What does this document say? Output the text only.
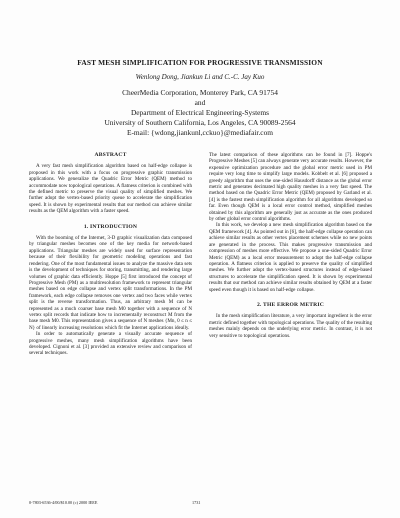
FAST MESH SIMPLIFICATION FOR PROGRESSIVE TRANSMISSION
Wenlong Dong, Jiankun Li and C.-C. Jay Kuo
CheerMedia Corporation, Monterey Park, CA 91754
and
Department of Electrical Engineering-Systems
University of Southern California, Los Angeles, CA 90089-2564
E-mail: {wdong,jiankunl,cckuo}@mediafair.com
ABSTRACT

A very fast mesh simplification algorithm based on half-edge collapse is proposed in this work with a focus on progressive graphic transmission applications. We generalize the Quadric Error Metric (QEM) method to accommodate now topological operations. A flatness criterion is combined with the defined metric to preserve the visual quality of simplified meshes. We further adopt the vertex-based priority queue to accelerate the simplification speed. It is shown by experimental results that our method can achieve similar results as the QEM algorithm with a faster speed.

1. INTRODUCTION

With the booming of the Internet, 3-D graphic visualization data composed by triangular meshes becomes one of the key media for network-based applications. Triangular meshes are widely used for surface representation because of their flexibility for geometric modeling operations and fast rendering. One of the most fundamental issues to analyze the massive data sets is the development of techniques for storing, transmitting, and rendering large volumes of graphic data efficiently. Hoppe [5] first introduced the concept of Progressive Mesh (PM) as a multiresolution framework to represent triangular meshes based on edge collapse and vertex split transformations. In the PM framework, each edge collapse removes one vertex and two faces while vertex split is the reverse transformation. Thus, an arbitrary mesh M can be represented as a much coarser base mesh M0 together with a sequence of N vertex split records that indicate how to incrementally reconstruct M from the base mesh M0. This representation gives a sequence of N meshes {Mn, 0 ≤ n ≤ N} of linearly increasing resolutions which fit the Internet applications ideally.

In order to automatically generate a visually accurate sequence of progressive meshes, many mesh simplification algorithms have been developed. Cignoni et al. [3] provided an extensive review and comparison of several techniques.

The latest comparison of these algorithms can be found in [7]. Hoppe's Progressive Meshes [5] can always generate very accurate results. However, the expensive optimization procedure and the global error metric used in PM require very long time to simplify large models. Kobbelt et al. [6] proposed a greedy algorithm that uses the one-sided Hausdorff distance as the global error metric and generates decimated high quality meshes in a very fast speed. The method based on the Quadric Error Metric (QEM) proposed by Garland et al. [4] is the fastest mesh simplification algorithm for all algorithms developed so far. Even though QEM is a local error control method, simplified meshes obtained by this algorithm are generally just as accurate as the ones produced by other global error control algorithms.

In this work, we develop a new mesh simplification algorithm based on the QEM framework [4]. As pointed out in [6], the half-edge collapse operation can achieve similar results as other vertex placement schemes while no new points are generated in the process. This makes progressive transmission and compression of meshes more effective. We propose a one-sided Quadric Error Metric (QEM) as a local error measurement to adopt the half-edge collapse operation. A flatness criterion is applied to preserve the quality of simplified meshes. We further adopt the vertex-based structures instead of edge-based structures to accelerate the simplification speed. It is shown by experimental results that our method can achieve similar results obtained by QEM at a faster speed even though it is based on half-edge collapse.

2. THE ERROR METRIC

In the mesh simplification literature, a very important ingredient is the error metric defined together with topological operations. The quality of the resulting meshes mainly depends on the underlying error metric. In contrast, it is not very sensitive to topological operations.

0-7803-6536-4/00/$10.00 (c) 2000 IEEE	1731
